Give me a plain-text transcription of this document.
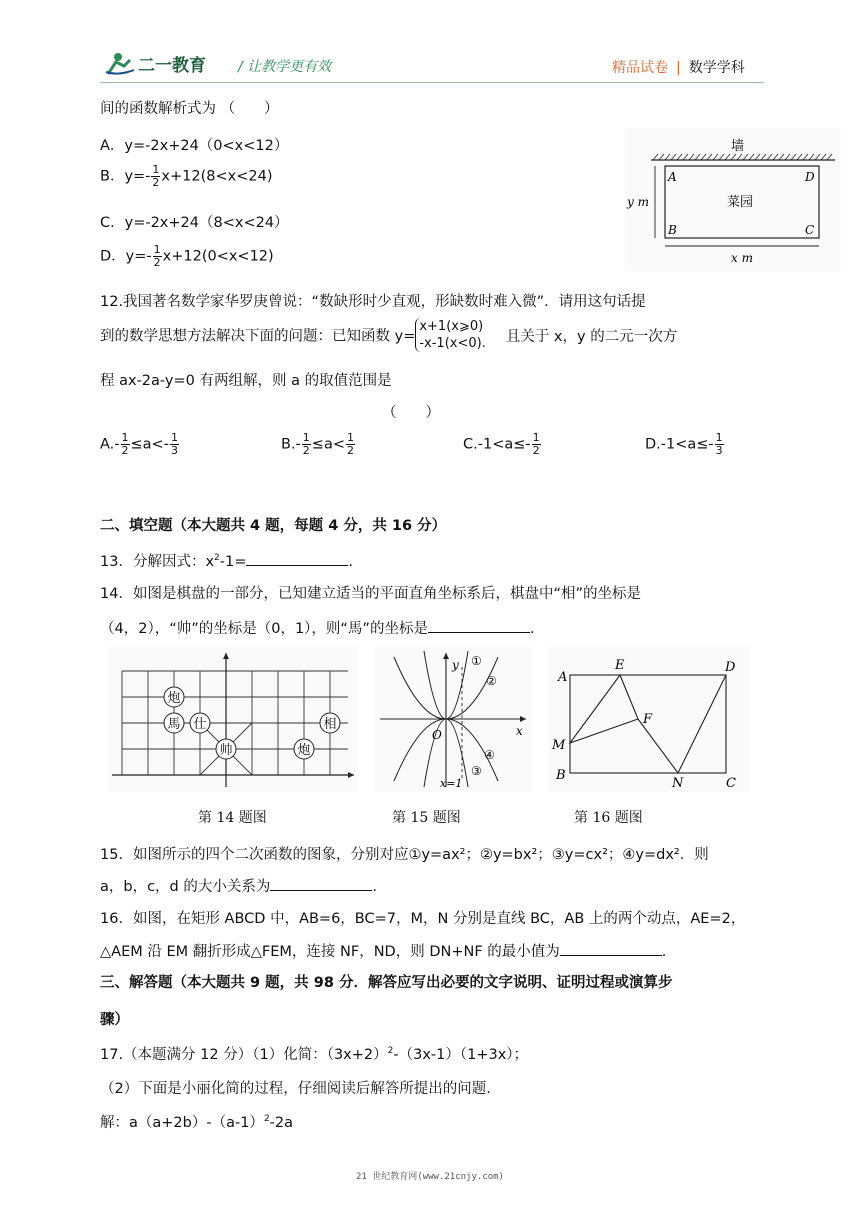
二一教育 / 让教学更有效	精品试卷 | 数学学科
间的函数解析式为 （　　）
A．y=-2x+24（0<x<12）
B．$y=- \frac{1}{2} x+12(8<x<24)$
C．y=-2x+24（8<x<24）
D．$y=- \frac{1}{2} x+12(0<x<12)$
墙
菜园
A
B	C
D
y m
x m
12.我国著名数学家华罗庚曾说：“数缺形时少直观，形缺数时难入微”．请用这句话提
到的数学思想方法解决下面的问题：已知函数 y=
x+1(x⩾0)
-x-1(x<0). 且关于 x，y 的二元一次方
程 ax-2a-y=0 有两组解，则 a 的取值范围是
（　　）
$A.- \frac{1}{2} \le a<- \frac{1}{3}$	$B.- \frac{1}{2} \le a< \frac{1}{2}$	$C.-1<a\le- \frac{1}{2}$	$D.-1<a\le- \frac{1}{3}$
二、填空题（本大题共 4 题，每题 4 分，共 16 分）
13．分解因式：$x^2-1=$	.
14．如图是棋盘的一部分，已知建立适当的平面直角坐标系后，棋盘中“相”的坐标是
（4，2），“帅”的坐标是（0，1），则“馬”的坐标是	.
炮
馬 仕	相
帅	炮
第 14 题图
y
x
O
x=1
①
②
③
④
第 15 题图
A
E	D
F
M
B
N	C
第 16 题图
15．如图所示的四个二次函数的图象，分别对应①y=ax²；②y=bx²；③y=cx²；④y=dx²．则
a，b，c，d 的大小关系为	.
16．如图，在矩形 ABCD 中，AB=6，BC=7，M，N 分别是直线 BC，AB 上的两个动点，AE=2，
△AEM 沿 EM 翻折形成△FEM，连接 NF，ND，则 DN+NF 的最小值为	.
三、解答题（本大题共 9 题，共 98 分．解答应写出必要的文字说明、证明过程或演算步
骤）
17.（本题满分 12 分）（1）化简：$(3x+2)^2-(3x-1)(1+3x)$；
（2）下面是小丽化简的过程，仔细阅读后解答所提出的问题.
解：$a(a+2b)-(a-1)^2-2a$
21 世纪教育网(www.21cnjy.com)
